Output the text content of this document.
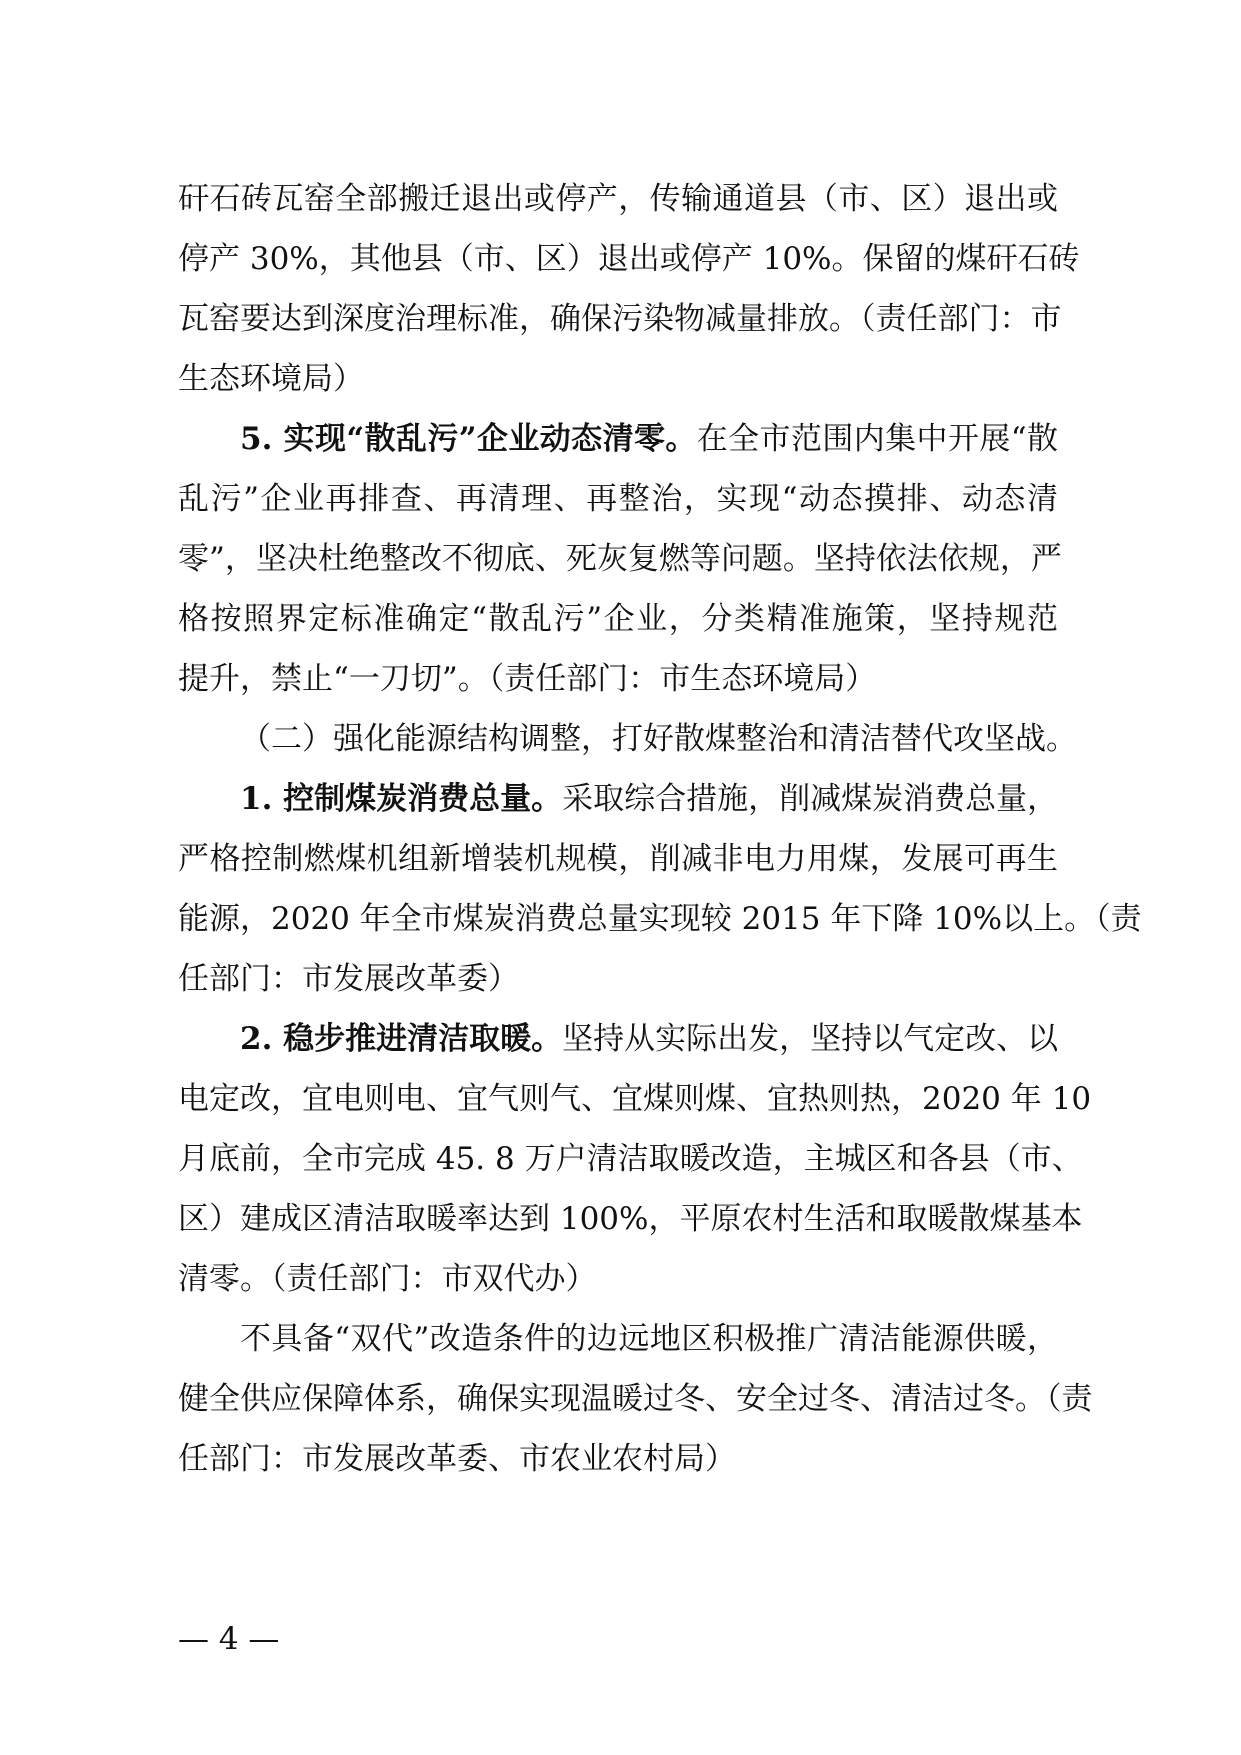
矸石砖瓦窑全部搬迁退出或停产，传输通道县（市、区）退出或
停产 30%，其他县（市、区）退出或停产 10%。保留的煤矸石砖
瓦窑要达到深度治理标准，确保污染物减量排放。（责任部门：市
生态环境局）
5. 实现“散乱污”企业动态清零。在全市范围内集中开展“散
乱污”企业再排查、再清理、再整治，实现“动态摸排、动态清
零”，坚决杜绝整改不彻底、死灰复燃等问题。坚持依法依规，严
格按照界定标准确定“散乱污”企业，分类精准施策，坚持规范
提升，禁止“一刀切”。（责任部门：市生态环境局）
（二）强化能源结构调整，打好散煤整治和清洁替代攻坚战。
1. 控制煤炭消费总量。采取综合措施，削减煤炭消费总量，
严格控制燃煤机组新增装机规模，削减非电力用煤，发展可再生
能源，2020 年全市煤炭消费总量实现较 2015 年下降 10%以上。（责
任部门：市发展改革委）
2. 稳步推进清洁取暖。坚持从实际出发，坚持以气定改、以
电定改，宜电则电、宜气则气、宜煤则煤、宜热则热，2020 年 10
月底前，全市完成 45. 8 万户清洁取暖改造，主城区和各县（市、
区）建成区清洁取暖率达到 100%，平原农村生活和取暖散煤基本
清零。（责任部门：市双代办）
不具备“双代”改造条件的边远地区积极推广清洁能源供暖，
健全供应保障体系，确保实现温暖过冬、安全过冬、清洁过冬。（责
任部门：市发展改革委、市农业农村局）
— 4 —
